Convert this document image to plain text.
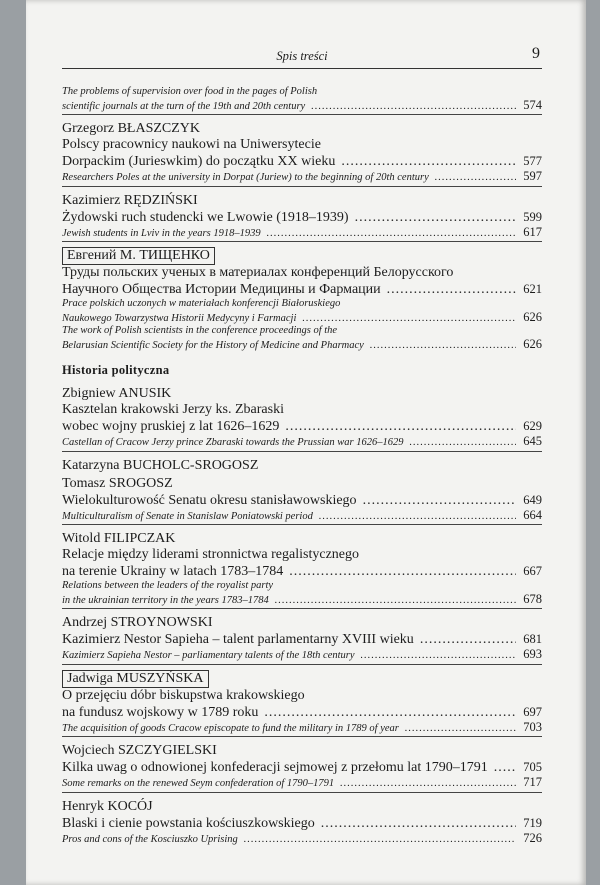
Spis treści	9
The problems of supervision over food in the pages of Polish
scientific journals at the turn of the 19th and 20th century .....	574
Grzegorz BŁASZCZYK
Polscy pracownicy naukowi na Uniwersytecie
Dorpackim (Jurieswkim) do początku XX wieku .....	577
Researchers Poles at the university in Dorpat (Juriew) to the beginning of 20th century .....	597
Kazimierz RĘDZIŃSKI
Żydowski ruch studencki we Lwowie (1918–1939) .....	599
Jewish students in Lviv in the years 1918–1939 .....	617
Евгений М. ТИЩЕНКО
Труды польских ученых в материалах конференций Белорусского
Научного Общества Истории Медицины и Фармации .....	621
Prace polskich uczonych w materiałach konferencji Białoruskiego
Naukowego Towarzystwa Historii Medycyny i Farmacji .....	626
The work of Polish scientists in the conference proceedings of the
Belarusian Scientific Society for the History of Medicine and Pharmacy .....	626
Historia polityczna
Zbigniew ANUSIK
Kasztelan krakowski Jerzy ks. Zbaraski
wobec wojny pruskiej z lat 1626–1629 .....	629
Castellan of Cracow Jerzy prince Zbaraski towards the Prussian war 1626–1629 .....	645
Katarzyna BUCHOLC-SROGOSZ
Tomasz SROGOSZ
Wielokulturowość Senatu okresu stanisławowskiego .....	649
Multiculturalism of Senate in Stanislaw Poniatowski period .....	664
Witold FILIPCZAK
Relacje między liderami stronnictwa regalistycznego
na terenie Ukrainy w latach 1783–1784 .....	667
Relations between the leaders of the royalist party
in the ukrainian territory in the years 1783–1784 .....	678
Andrzej STROYNOWSKI
Kazimierz Nestor Sapieha – talent parlamentarny XVIII wieku .....	681
Kazimierz Sapieha Nestor – parliamentary talents of the 18th century .....	693
Jadwiga MUSZYŃSKA
O przejęciu dóbr biskupstwa krakowskiego
na fundusz wojskowy w 1789 roku .....	697
The acquisition of goods Cracow episcopate to fund the military in 1789 of year .....	703
Wojciech SZCZYGIELSKI
Kilka uwag o odnowionej konfederacji sejmowej z przełomu lat 1790–1791 .....	705
Some remarks on the renewed Seym confederation of 1790–1791 .....	717
Henryk KOCÓJ
Blaski i cienie powstania kościuszkowskiego .....	719
Pros and cons of the Kosciuszko Uprising .....	726
